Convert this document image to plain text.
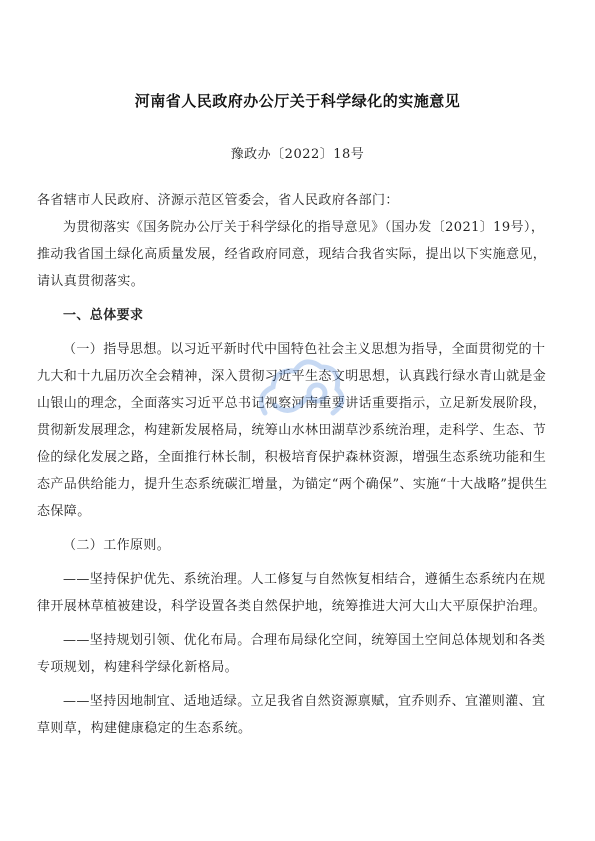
河南省人民政府办公厅关于科学绿化的实施意见
豫政办〔2022〕18号

各省辖市人民政府、济源示范区管委会，省人民政府各部门：

为贯彻落实《国务院办公厅关于科学绿化的指导意见》（国办发〔2021〕19号），推动我省国土绿化高质量发展，经省政府同意，现结合我省实际，提出以下实施意见，请认真贯彻落实。

一、总体要求

（一）指导思想。以习近平新时代中国特色社会主义思想为指导，全面贯彻党的十九大和十九届历次全会精神，深入贯彻习近平生态文明思想，认真践行绿水青山就是金山银山的理念，全面落实习近平总书记视察河南重要讲话重要指示，立足新发展阶段，贯彻新发展理念，构建新发展格局，统筹山水林田湖草沙系统治理，走科学、生态、节俭的绿化发展之路，全面推行林长制，积极培育保护森林资源，增强生态系统功能和生态产品供给能力，提升生态系统碳汇增量，为锚定“两个确保”、实施“十大战略”提供生态保障。

（二）工作原则。

——坚持保护优先、系统治理。人工修复与自然恢复相结合，遵循生态系统内在规律开展林草植被建设，科学设置各类自然保护地，统筹推进大河大山大平原保护治理。

——坚持规划引领、优化布局。合理布局绿化空间，统筹国土空间总体规划和各类专项规划，构建科学绿化新格局。

——坚持因地制宜、适地适绿。立足我省自然资源禀赋，宜乔则乔、宜灌则灌、宜草则草，构建健康稳定的生态系统。
